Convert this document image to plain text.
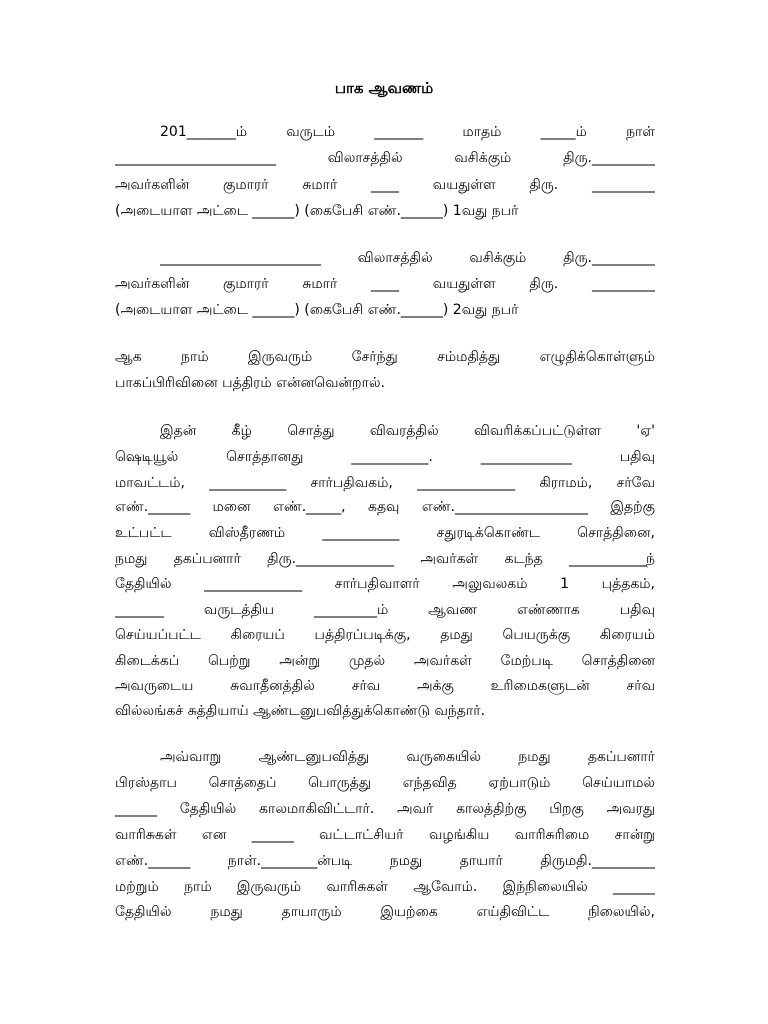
பாக ஆவணம்
201_______ம் வருடம் _______ மாதம் _____ம் நாள்
_______________________ விலாசத்தில் வசிக்கும் திரு._________
அவர்களின் குமாரர் சுமார் ____ வயதுள்ள திரு. _________
(அடையாள அட்டை ______) (கைபேசி எண்.______) 1வது நபர்
_______________________ விலாசத்தில் வசிக்கும் திரு._________
அவர்களின் குமாரர் சுமார் ____ வயதுள்ள திரு. _________
(அடையாள அட்டை ______) (கைபேசி எண்.______) 2வது நபர்
ஆக நாம் இருவரும் சேர்ந்து சம்மதித்து எழுதிக்கொள்ளும்
பாகப்பிரிவினை பத்திரம் என்னவென்றால்.
இதன் கீழ் சொத்து விவரத்தில் விவரிக்கப்பட்டுள்ள 'ஏ'
ஷெடியூல் சொத்தானது ___________. _____________ பதிவு
மாவட்டம், ___________ சார்பதிவகம், ______________ கிராமம், சர்வே
எண்.______ மனை எண்._____, கதவு எண்.___________________ இதற்கு
உட்பட்ட விஸ்தீரணம் ___________ சதுரடிக்கொண்ட சொத்தினை,
நமது தகப்பனார் திரு.______________ அவர்கள் கடந்த ___________ந்
தேதியில் ______________ சார்பதிவாளர் அலுவலகம் 1 புத்தகம்,
_______ வருடத்திய _________ம் ஆவண எண்ணாக பதிவு
செய்யப்பட்ட கிரையப் பத்திரப்படிக்கு, தமது பெயருக்கு கிரையம்
கிடைக்கப் பெற்று அன்று முதல் அவர்கள் மேற்படி சொத்தினை
அவருடைய சுவாதீனத்தில் சர்வ அக்கு உரிமைகளுடன் சர்வ
வில்லங்கச் சுத்தியாய் ஆண்டனுபவித்துக்கொண்டு வந்தார்.
அவ்வாறு ஆண்டனுபவித்து வருகையில் நமது தகப்பனார்
பிரஸ்தாப சொத்தைப் பொருத்து எந்தவித ஏற்பாடும் செய்யாமல்
______ தேதியில் காலமாகிவிட்டார். அவர் காலத்திற்கு பிறகு அவரது
வாரிசுகள் என ______ வட்டாட்சியர் வழங்கிய வாரிசுரிமை சான்று
எண்.______ நாள்.________ன்படி நமது தாயார் திருமதி._________
மற்றும் நாம் இருவரும் வாரிசுகள் ஆவோம். இந்நிலையில் ______
தேதியில் நமது தாயாரும் இயற்கை எய்திவிட்ட நிலையில்,
